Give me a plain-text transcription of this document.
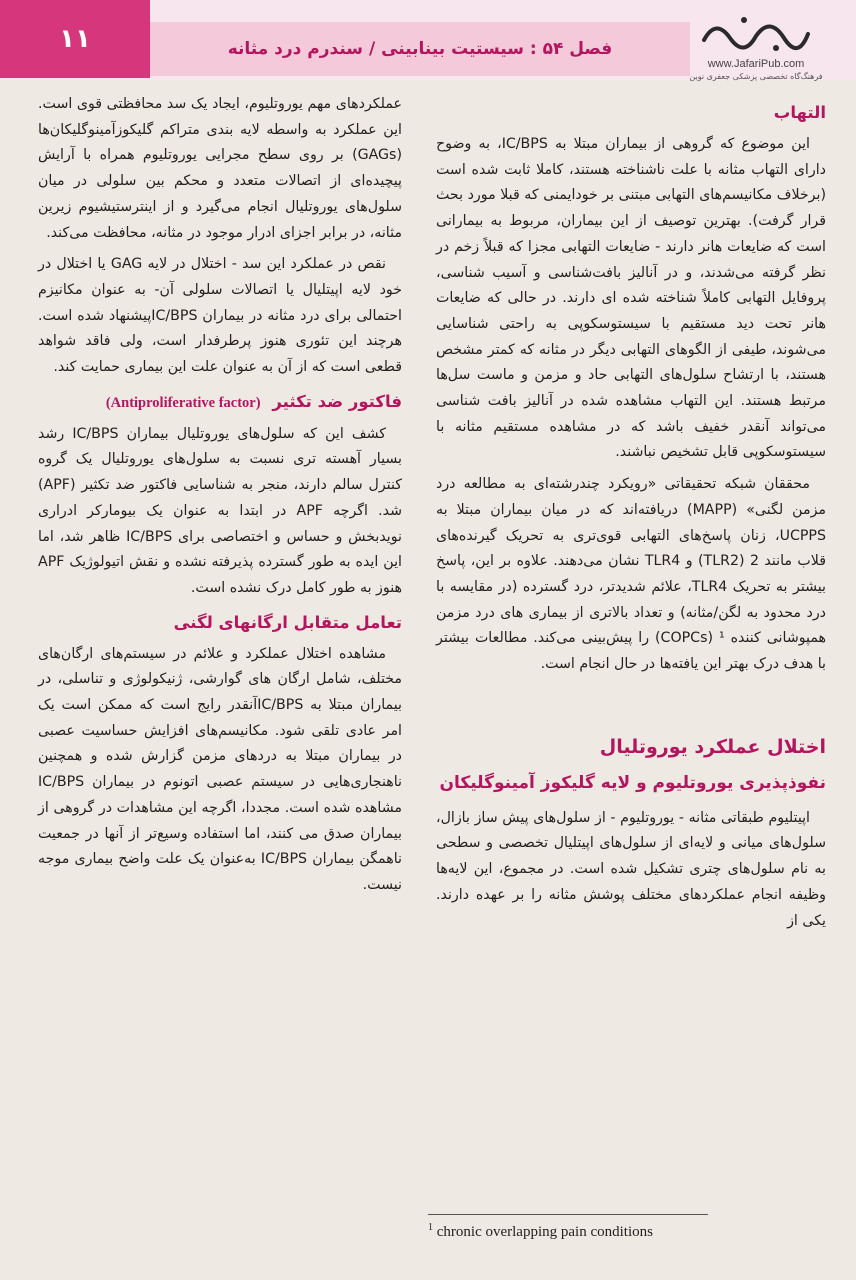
۱۱	فصل ۵۴ : سیستیت بینابینی / سندرم درد مثانه
www.JafariPub.com
فرهنگ‌گاه تخصصی پزشکی جعفری نوین
التهاب

این موضوع که گروهی از بیماران مبتلا به IC/BPS، به وضوح دارای التهاب مثانه با علت ناشناخته هستند، کاملا ثابت شده است (برخلاف مکانیسم‌های التهابی مبتنی بر خودایمنی که قبلا مورد بحث قرار گرفت). بهترین توصیف از این بیماران، مربوط به بیمارانی است که ضایعات هانر دارند - ضایعات التهابی مجزا که قبلاً زخم در نظر گرفته می‌شدند، و در آنالیز بافت‌شناسی و آسیب شناسی، پروفایل التهابی کاملاً شناخته شده ای دارند. در حالی که ضایعات هانر تحت دید مستقیم با سیستوسکوپی به راحتی شناسایی می‌شوند، طیفی از الگوهای التهابی دیگر در مثانه که کمتر مشخص هستند، با ارتشاح سلول‌های التهابی حاد و مزمن و ماست سل‌ها مرتبط هستند. این التهاب مشاهده شده در آنالیز بافت شناسی می‌تواند آنقدر خفیف باشد که در مشاهده مستقیم مثانه با سیستوسکوپی قابل تشخیص نباشند.

محققان شبکه تحقیقاتی «رویکرد چندرشته‌ای به مطالعه درد مزمن لگنی» (MAPP) دریافته‌اند که در میان بیماران مبتلا به UCPPS، زنان پاسخ‌های التهابی قوی‌تری به تحریک گیرنده‌های قلاب مانند 2 (TLR2) و TLR4 نشان می‌دهند. علاوه بر این، پاسخ بیشتر به تحریک TLR4، علائم شدیدتر، درد گسترده (در مقایسه با درد محدود به لگن/مثانه) و تعداد بالاتری از بیماری های درد مزمن همپوشانی کننده ¹ (COPCs) را پیش‌بینی می‌کند. مطالعات بیشتر با هدف درک بهتر این یافته‌ها در حال انجام است.

اختلال عملکرد یوروتلیال
نفوذپذیری یوروتلیوم و لایه گلیکوز آمینوگلیکان

اپیتلیوم طبقاتی مثانه - یوروتلیوم - از سلول‌های پیش ساز بازال، سلول‌های میانی و لایه‌ای از سلول‌های اپیتلیال تخصصی و سطحی به نام سلول‌های چتری تشکیل شده است. در مجموع، این لایه‌ها وظیفه انجام عملکردهای مختلف پوشش مثانه را بر عهده دارند. یکی از

عملکردهای مهم یوروتلیوم، ایجاد یک سد محافظتی قوی است. این عملکرد به واسطه لایه بندی متراکم گلیکوزآمینوگلیکان‌ها (GAGs) بر روی سطح مجرایی یوروتلیوم همراه با آرایش پیچیده‌ای از اتصالات متعدد و محکم بین سلولی در میان سلول‌های یوروتلیال انجام می‌گیرد و از اینترستیشیوم زیرین مثانه، در برابر اجزای ادرار موجود در مثانه، محافظت می‌کند.

نقص در عملکرد این سد - اختلال در لایه GAG یا اختلال در خود لایه اپیتلیال یا اتصالات سلولی آن- به عنوان مکانیزم احتمالی برای درد مثانه در بیماران IC/BPSپیشنهاد شده است. هرچند این تئوری هنوز پرطرفدار است، ولی فاقد شواهد قطعی است که از آن به عنوان علت این بیماری حمایت کند.

فاکتور ضد تکثیر (Antiproliferative factor)

کشف این که سلول‌های یوروتلیال بیماران IC/BPS رشد بسیار آهسته تری نسبت به سلول‌های یوروتلیال یک گروه کنترل سالم دارند، منجر به شناسایی فاکتور ضد تکثیر (APF) شد. اگرچه APF در ابتدا به عنوان یک بیومارکر ادراری نویدبخش و حساس و اختصاصی برای IC/BPS ظاهر شد، اما این ایده به طور گسترده پذیرفته نشده و نقش اتیولوژیک APF هنوز به طور کامل درک نشده است.

تعامل متقابل ارگانهای لگنی

مشاهده اختلال عملکرد و علائم در سیستم‌های ارگان‌های مختلف، شامل ارگان های گوارشی، ژنیکولوژی و تناسلی، در بیماران مبتلا به IC/BPSآنقدر رایج است که ممکن است یک امر عادی تلقی شود. مکانیسم‌های افزایش حساسیت عصبی در بیماران مبتلا به دردهای مزمن گزارش شده و همچنین ناهنجاری‌هایی در سیستم عصبی اتونوم در بیماران IC/BPS مشاهده شده است. مجددا، اگرچه این مشاهدات در گروهی از بیماران صدق می کنند، اما استفاده وسیع‌تر از آنها در جمعیت ناهمگن بیماران IC/BPS به‌عنوان یک علت واضح بیماری موجه نیست.

$^1$ chronic overlapping pain conditions
